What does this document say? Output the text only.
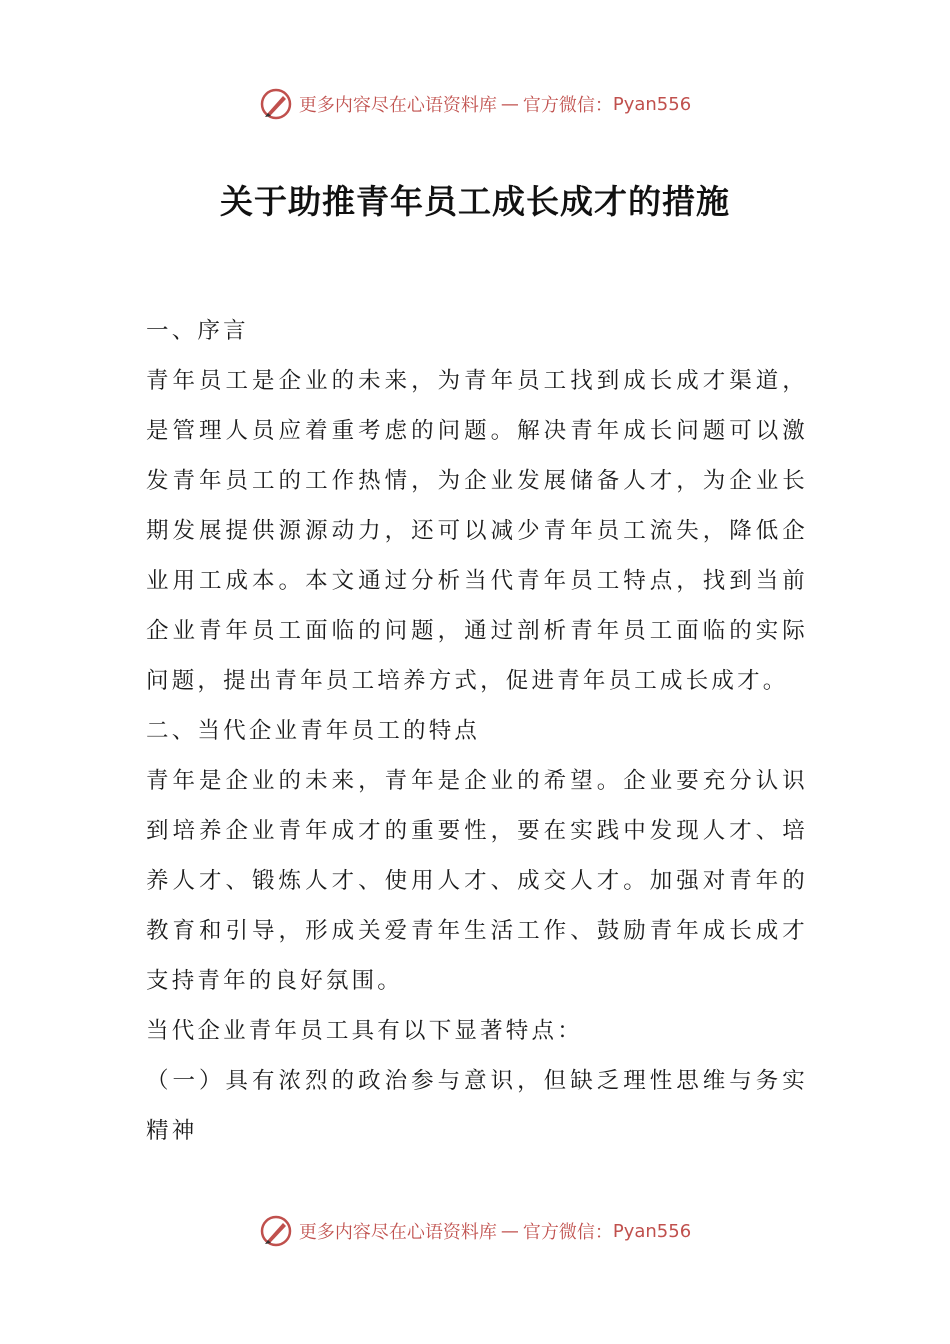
更多内容尽在心语资料库 — 官方微信： Pyan556
关于助推青年员工成长成才的措施

一、序言

青年员工是企业的未来，为青年员工找到成长成才渠道，是管理人员应着重考虑的问题。解决青年成长问题可以激发青年员工的工作热情，为企业发展储备人才，为企业长期发展提供源源动力，还可以减少青年员工流失，降低企业用工成本。本文通过分析当代青年员工特点，找到当前企业青年员工面临的问题，通过剖析青年员工面临的实际问题，提出青年员工培养方式，促进青年员工成长成才。

二、当代企业青年员工的特点

青年是企业的未来，青年是企业的希望。企业要充分认识到培养企业青年成才的重要性，要在实践中发现人才、培养人才、锻炼人才、使用人才、成交人才。加强对青年的教育和引导，形成关爱青年生活工作、鼓励青年成长成才支持青年的良好氛围。

当代企业青年员工具有以下显著特点：

（一）具有浓烈的政治参与意识，但缺乏理性思维与务实精神

更多内容尽在心语资料库 — 官方微信： Pyan556
